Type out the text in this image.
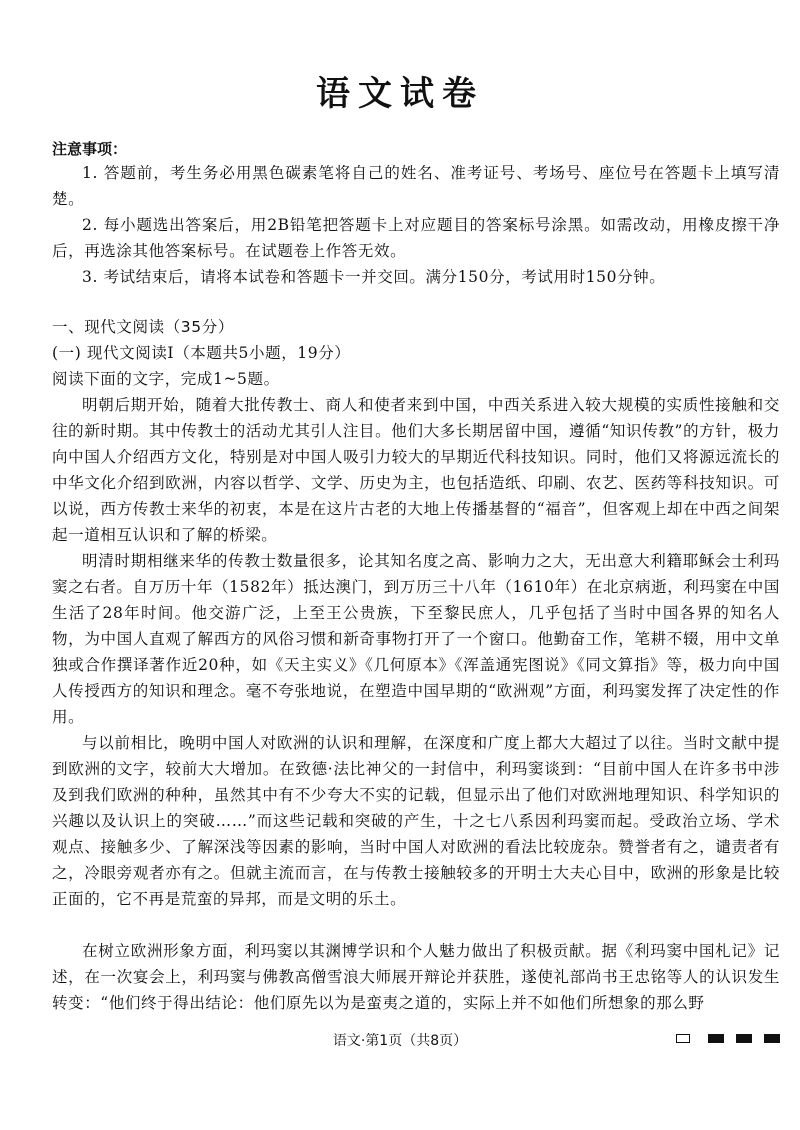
语文试卷
注意事项：
1. 答题前，考生务必用黑色碳素笔将自己的姓名、准考证号、考场号、座位号在答题卡上填写清楚。
2. 每小题选出答案后，用2B铅笔把答题卡上对应题目的答案标号涂黑。如需改动，用橡皮擦干净后，再选涂其他答案标号。在试题卷上作答无效。
3. 考试结束后，请将本试卷和答题卡一并交回。满分150分，考试用时150分钟。
一、现代文阅读（35分）
(一) 现代文阅读Ⅰ（本题共5小题，19分）
阅读下面的文字，完成1~5题。
明朝后期开始，随着大批传教士、商人和使者来到中国，中西关系进入较大规模的实质性接触和交往的新时期。其中传教士的活动尤其引人注目。他们大多长期居留中国，遵循“知识传教”的方针，极力向中国人介绍西方文化，特别是对中国人吸引力较大的早期近代科技知识。同时，他们又将源远流长的中华文化介绍到欧洲，内容以哲学、文学、历史为主，也包括造纸、印刷、农艺、医药等科技知识。可以说，西方传教士来华的初衷，本是在这片古老的大地上传播基督的“福音”，但客观上却在中西之间架起一道相互认识和了解的桥梁。
明清时期相继来华的传教士数量很多，论其知名度之高、影响力之大，无出意大利籍耶稣会士利玛窦之右者。自万历十年（1582年）抵达澳门，到万历三十八年（1610年）在北京病逝，利玛窦在中国生活了28年时间。他交游广泛，上至王公贵族，下至黎民庶人，几乎包括了当时中国各界的知名人物，为中国人直观了解西方的风俗习惯和新奇事物打开了一个窗口。他勤奋工作，笔耕不辍，用中文单独或合作撰译著作近20种，如《天主实义》《几何原本》《浑盖通宪图说》《同文算指》等，极力向中国人传授西方的知识和理念。毫不夸张地说，在塑造中国早期的“欧洲观”方面，利玛窦发挥了决定性的作用。
与以前相比，晚明中国人对欧洲的认识和理解，在深度和广度上都大大超过了以往。当时文献中提到欧洲的文字，较前大大增加。在致德·法比神父的一封信中，利玛窦谈到：“目前中国人在许多书中涉及到我们欧洲的种种，虽然其中有不少夸大不实的记载，但显示出了他们对欧洲地理知识、科学知识的兴趣以及认识上的突破……”而这些记载和突破的产生，十之七八系因利玛窦而起。受政治立场、学术观点、接触多少、了解深浅等因素的影响，当时中国人对欧洲的看法比较庞杂。赞誉者有之，谴责者有之，冷眼旁观者亦有之。但就主流而言，在与传教士接触较多的开明士大夫心目中，欧洲的形象是比较正面的，它不再是荒蛮的异邦，而是文明的乐土。
在树立欧洲形象方面，利玛窦以其渊博学识和个人魅力做出了积极贡献。据《利玛窦中国札记》记述，在一次宴会上，利玛窦与佛教高僧雪浪大师展开辩论并获胜，遂使礼部尚书王忠铭等人的认识发生转变：“他们终于得出结论：他们原先以为是蛮夷之道的，实际上并不如他们所想象的那么野
语文·第1页（共8页）
